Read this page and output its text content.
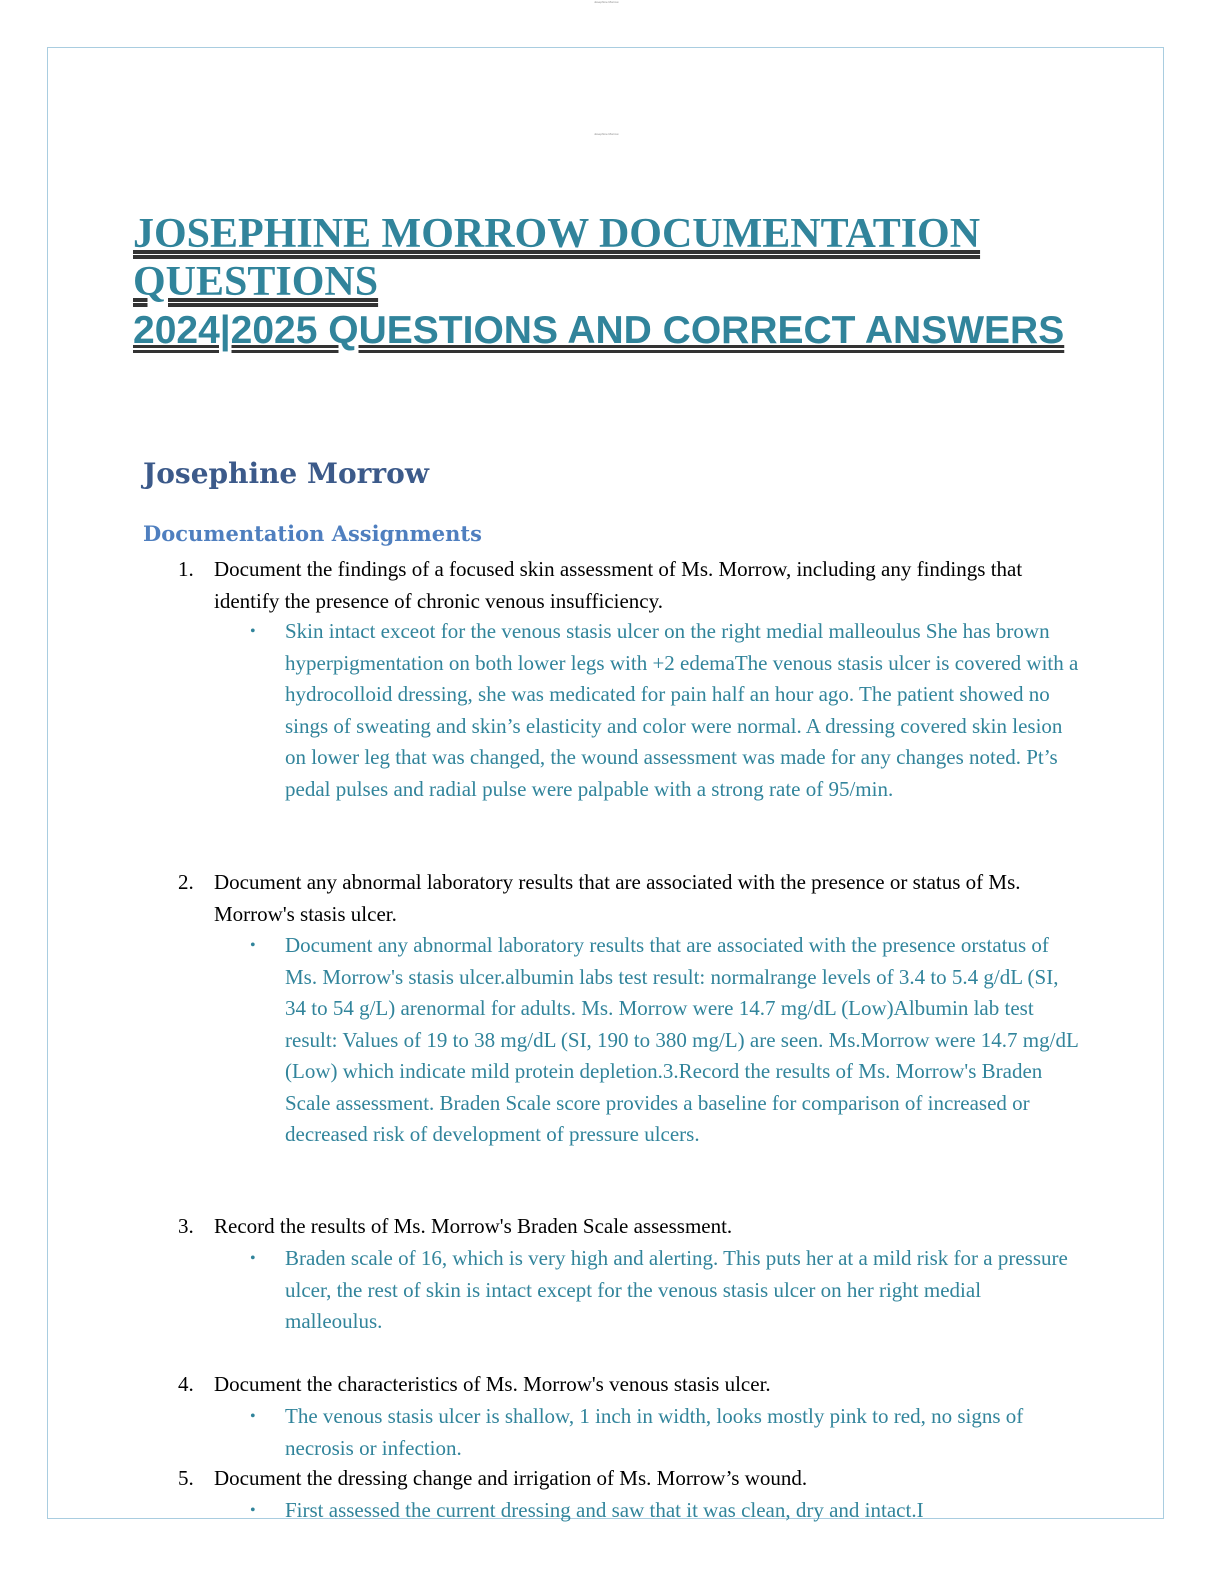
Josephine Morrow
Josephine Morrow
JOSEPHINE MORROW DOCUMENTATION QUESTIONS
2024|2025 QUESTIONS AND CORRECT ANSWERS
Josephine Morrow
Documentation Assignments
1. Document the findings of a focused skin assessment of Ms. Morrow, including any findings that identify the presence of chronic venous insufficiency.
• Skin intact exceot for the venous stasis ulcer on the right medial malleoulus She has brown hyperpigmentation on both lower legs with +2 edemaThe venous stasis ulcer is covered with a hydrocolloid dressing, she was medicated for pain half an hour ago. The patient showed no sings of sweating and skin’s elasticity and color were normal. A dressing covered skin lesion on lower leg that was changed, the wound assessment was made for any changes noted. Pt’s pedal pulses and radial pulse were palpable with a strong rate of 95/min.
2. Document any abnormal laboratory results that are associated with the presence or status of Ms. Morrow's stasis ulcer.
• Document any abnormal laboratory results that are associated with the presence orstatus of Ms. Morrow's stasis ulcer.albumin labs test result: normalrange levels of 3.4 to 5.4 g/dL (SI, 34 to 54 g/L) arenormal for adults. Ms. Morrow were 14.7 mg/dL (Low)Albumin lab test result: Values of 19 to 38 mg/dL (SI, 190 to 380 mg/L) are seen. Ms.Morrow were 14.7 mg/dL (Low) which indicate mild protein depletion.3.Record the results of Ms. Morrow's Braden Scale assessment. Braden Scale score provides a baseline for comparison of increased or decreased risk of development of pressure ulcers.
3. Record the results of Ms. Morrow's Braden Scale assessment.
• Braden scale of 16, which is very high and alerting. This puts her at a mild risk for a pressure ulcer, the rest of skin is intact except for the venous stasis ulcer on her right medial malleoulus.
4. Document the characteristics of Ms. Morrow's venous stasis ulcer.
• The venous stasis ulcer is shallow, 1 inch in width, looks mostly pink to red, no signs of necrosis or infection.
5. Document the dressing change and irrigation of Ms. Morrow’s wound.
• First assessed the current dressing and saw that it was clean, dry and intact.I
